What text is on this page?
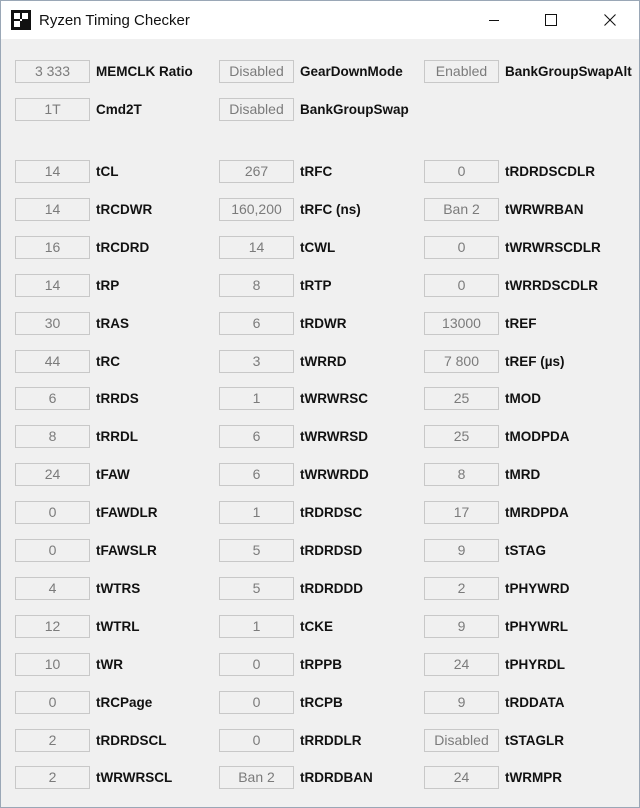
Ryzen Timing Checker
3 333	MEMCLK Ratio	Disabled	GearDownMode	Enabled	BankGroupSwapAlt
1T	Cmd2T	Disabled	BankGroupSwap
14	tCL	267	tRFC	0	tRDRDSCDLR
14	tRCDWR	160,200	tRFC (ns)	Ban 2	tWRWRBAN
16	tRCDRD	14	tCWL	0	tWRWRSCDLR
14	tRP	8	tRTP	0	tWRRDSCDLR
30	tRAS	6	tRDWR	13000	tREF
44	tRC	3	tWRRD	7 800	tREF (µs)
6	tRRDS	1	tWRWRSC	25	tMOD
8	tRRDL	6	tWRWRSD	25	tMODPDA
24	tFAW	6	tWRWRDD	8	tMRD
0	tFAWDLR	1	tRDRDSC	17	tMRDPDA
0	tFAWSLR	5	tRDRDSD	9	tSTAG
4	tWTRS	5	tRDRDDD	2	tPHYWRD
12	tWTRL	1	tCKE	9	tPHYWRL
10	tWR	0	tRPPB	24	tPHYRDL
0	tRCPage	0	tRCPB	9	tRDDATA
2	tRDRDSCL	0	tRRDDLR	Disabled	tSTAGLR
2	tWRWRSCL	Ban 2	tRDRDBAN	24	tWRMPR
